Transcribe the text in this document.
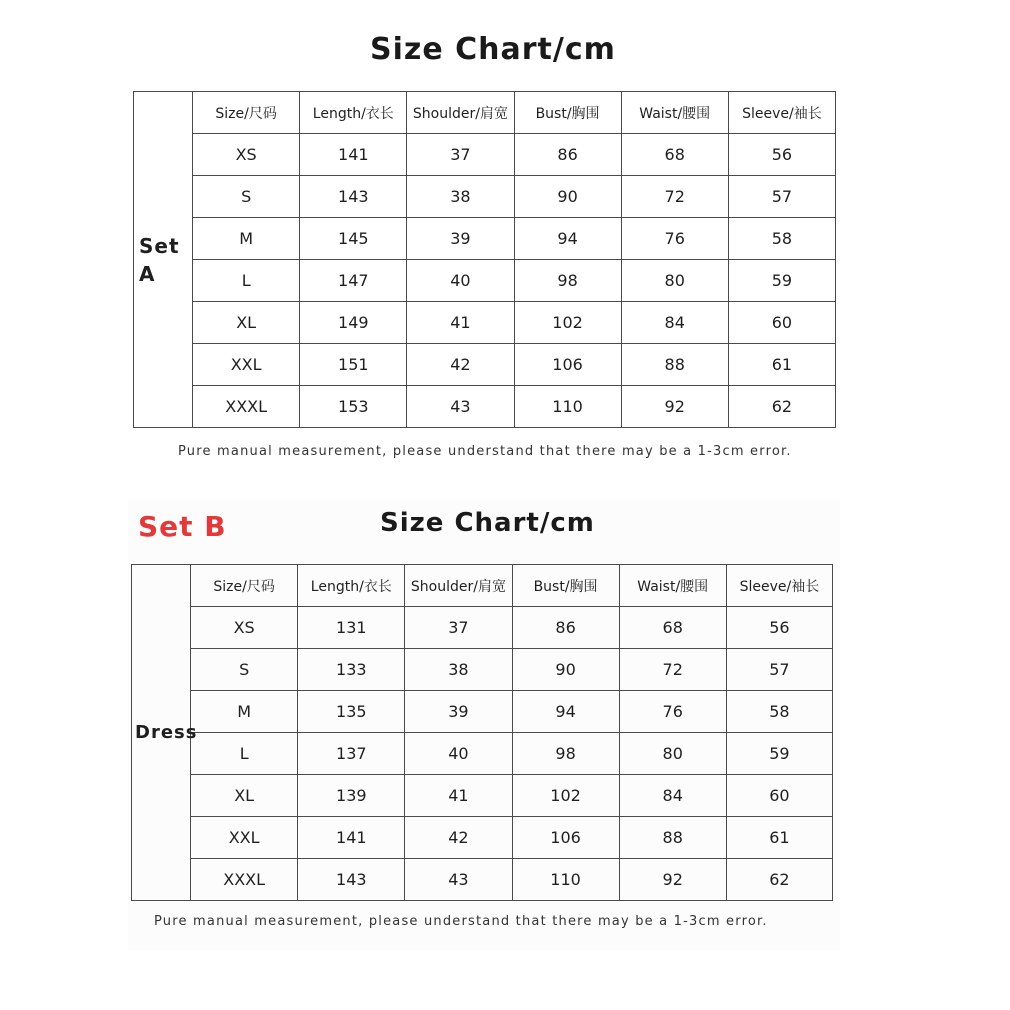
Size Chart/cm
Set
A	Size/尺码	Length/衣长	Shoulder/肩宽	Bust/胸围	Waist/腰围	Sleeve/袖长
	XS	141	37	86	68	56
	S	143	38	90	72	57
	M	145	39	94	76	58
	L	147	40	98	80	59
	XL	149	41	102	84	60
	XXL	151	42	106	88	61
	XXXL	153	43	110	92	62
Pure manual measurement, please understand that there may be a 1-3cm error.
Set B	Size Chart/cm
Dress	Size/尺码	Length/衣长	Shoulder/肩宽	Bust/胸围	Waist/腰围	Sleeve/袖长
	XS	131	37	86	68	56
	S	133	38	90	72	57
	M	135	39	94	76	58
	L	137	40	98	80	59
	XL	139	41	102	84	60
	XXL	141	42	106	88	61
	XXXL	143	43	110	92	62
Pure manual measurement, please understand that there may be a 1-3cm error.
